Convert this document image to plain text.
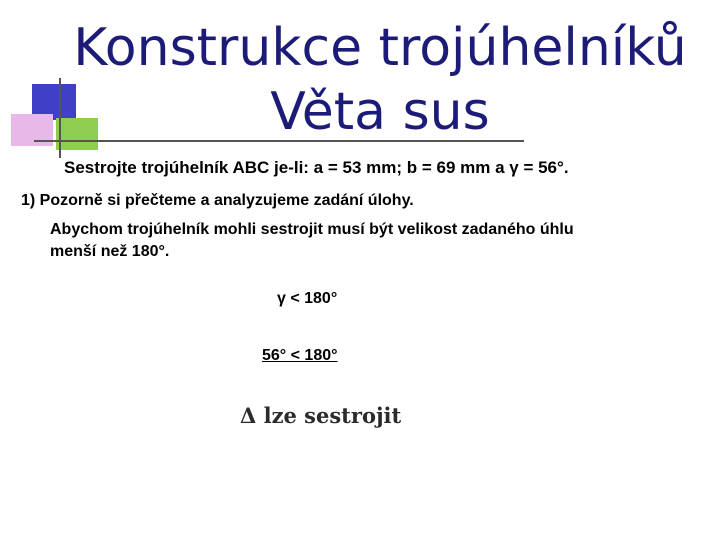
Konstrukce trojúhelníků
Věta sus
Sestrojte trojúhelník ABC je-li: a = 53 mm; b = 69 mm a γ = 56°.
1) Pozorně si přečteme a analyzujeme zadání úlohy.
Abychom trojúhelník mohli sestrojit musí být velikost zadaného úhlu
menší než 180°.
γ < 180°
56° < 180°
Δ lze sestrojit
